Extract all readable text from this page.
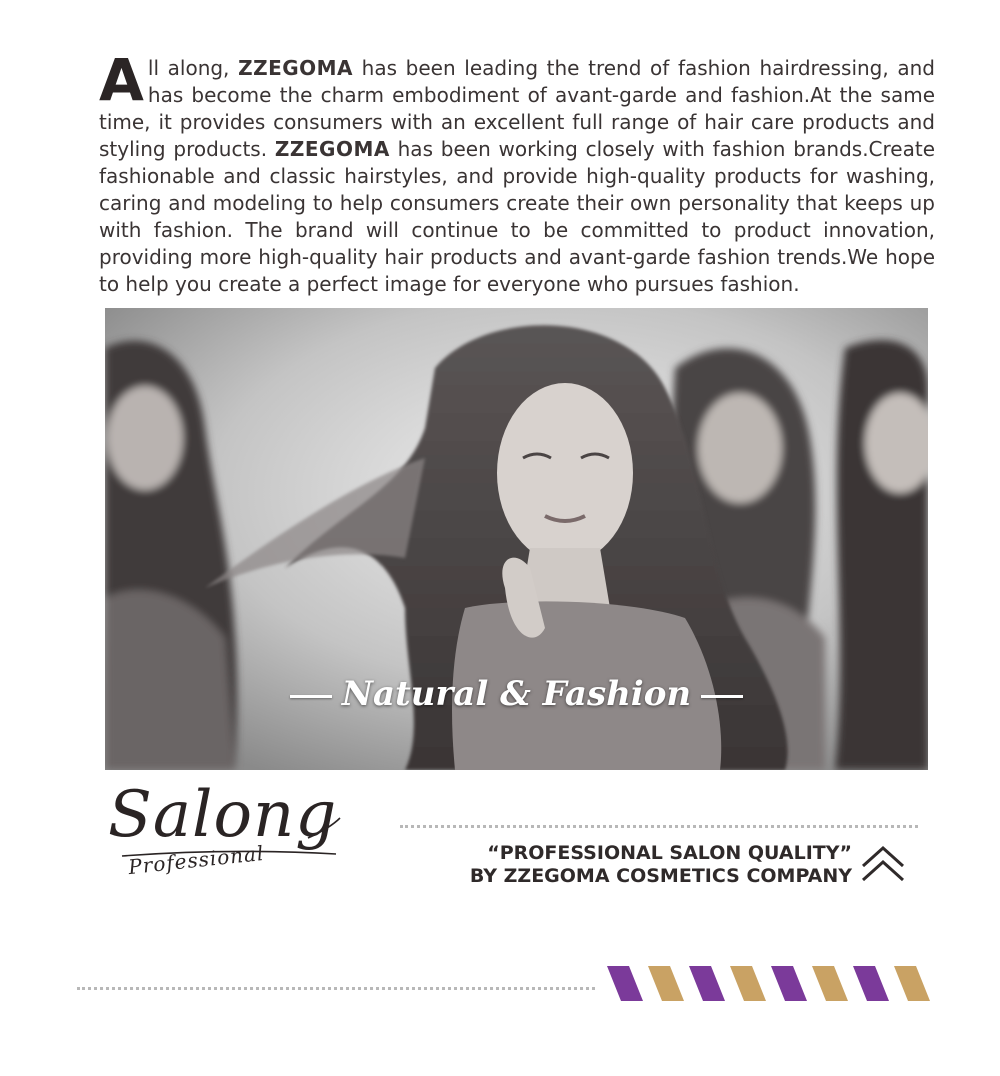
All along, ZZEGOMA has been leading the trend of fashion hairdressing, and has become the charm embodiment of avant-garde and fashion.At the same time, it provides consumers with an excellent full range of hair care products and styling products. ZZEGOMA has been working closely with fashion brands.Create fashionable and classic hairstyles, and provide high-quality products for washing, caring and modeling to help consumers create their own personality that keeps up with fashion. The brand will continue to be committed to product innovation, providing more high-quality hair products and avant-garde fashion trends.We hope to help you create a perfect image for everyone who pursues fashion.
Natural & Fashion
Salong
Professional	“PROFESSIONAL SALON QUALITY”
BY ZZEGOMA COSMETICS COMPANY
